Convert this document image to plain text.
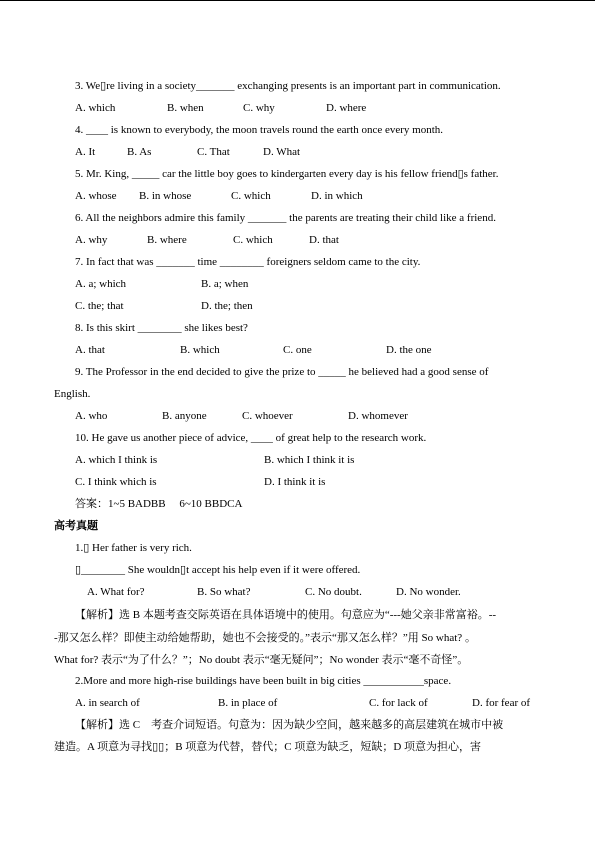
3. We▯re living in a society_______ exchanging presents is an important part in communication.
A. which	B. when	C. why	D. where
4. ____ is known to everybody, the moon travels round the earth once every month.
A. It	B. As	C. That	D. What
5. Mr. King, _____ car the little boy goes to kindergarten every day is his fellow friend▯s father.
A. whose B. in whose	C. which	D. in which
6. All the neighbors admire this family _______ the parents are treating their child like a friend.
A. why	B. where	C. which	D. that
7. In fact that was _______ time ________ foreigners seldom came to the city.
A. a; which	B. a; when
C. the; that	D. the; then
8. Is this skirt ________ she likes best?
A. that	B. which	C. one	D. the one
9. The Professor in the end decided to give the prize to _____ he believed had a good sense of
English.
A. who	B. anyone	C. whoever	D. whomever
10. He gave us another piece of advice, ____ of great help to the research work.
A. which I think is	B. which I think it is
C. I think which is	D. I think it is
答案：1~5 BADBB     6~10 BBDCA
高考真题
1.▯ Her father is very rich.
▯________ She wouldn▯t accept his help even if it were offered.
A. What for?	B. So what?	C. No doubt.	D. No wonder.
【解析】选 B 本题考查交际英语在具体语境中的使用。句意应为“---她父亲非常富裕。--
-那又怎么样？即使主动给她帮助，她也不会接受的。”表示“那又怎么样？”用 So what? 。
What for? 表示“为了什么？”；No doubt 表示“毫无疑问”；No wonder 表示“毫不奇怪”。
2.More and more high-rise buildings have been built in big cities ___________space.
A. in search of	B. in place of	C. for lack of	D. for fear of
【解析】选 C    考查介词短语。句意为：因为缺少空间，越来越多的高层建筑在城市中被
建造。A 项意为寻找▯▯；B 项意为代替，替代；C 项意为缺乏，短缺；D 项意为担心，害
